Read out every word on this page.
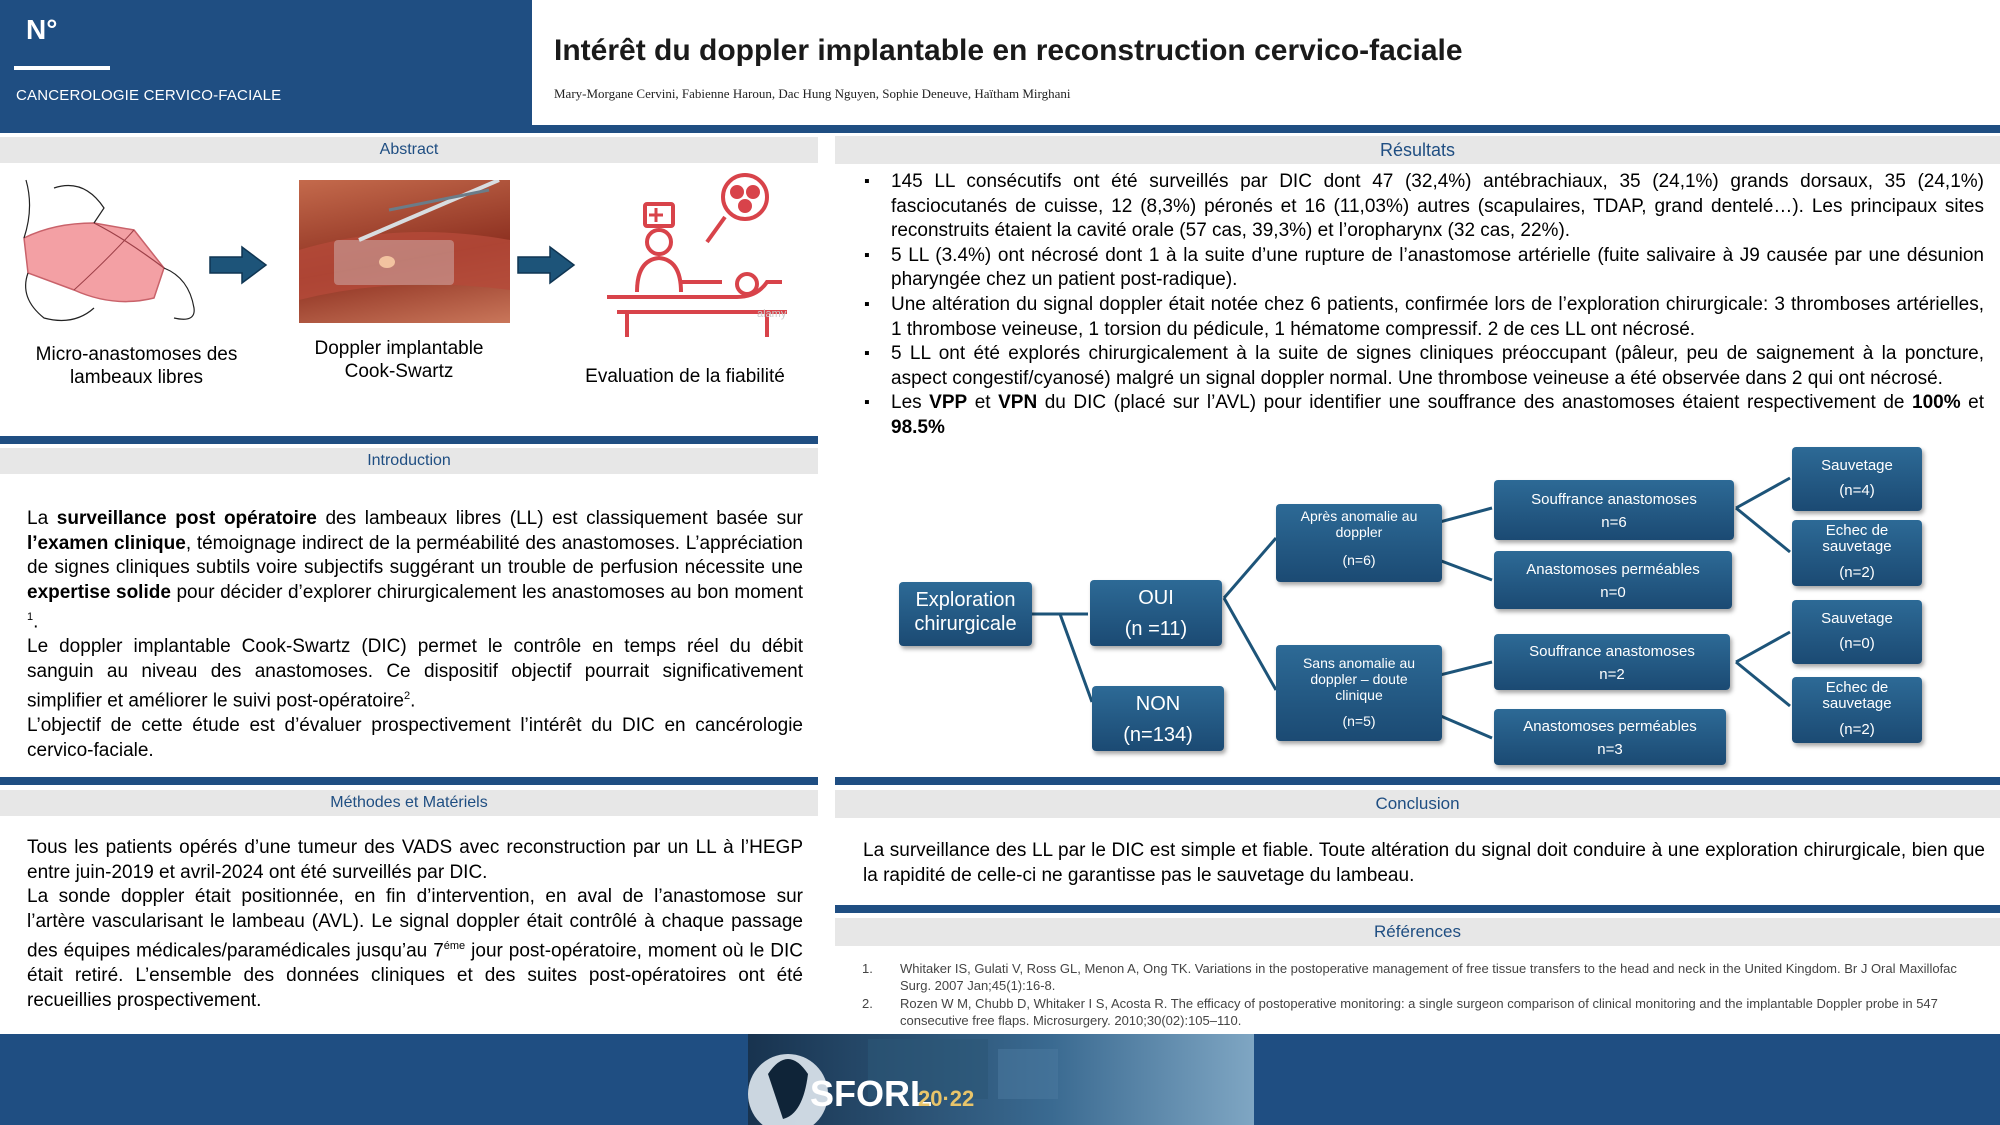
N°
CANCEROLOGIE CERVICO-FACIALE
Intérêt du doppler implantable en reconstruction cervico-faciale
Mary-Morgane Cervini, Fabienne Haroun, Dac Hung Nguyen, Sophie Deneuve, Haïtham Mirghani
Abstract
alamy
Micro-anastomoses des lambeaux libres
Doppler implantable Cook-Swartz	Evaluation de la fiabilité
Introduction

La surveillance post opératoire des lambeaux libres (LL) est classiquement basée sur l’examen clinique, témoignage indirect de la perméabilité des anastomoses. L’appréciation de signes cliniques subtils voire subjectifs suggérant un trouble de perfusion nécessite une expertise solide pour décider d’explorer chirurgicalement les anastomoses au bon moment $^1$.

Le doppler implantable Cook-Swartz (DIC) permet le contrôle en temps réel du débit sanguin au niveau des anastomoses. Ce dispositif objectif pourrait significativement simplifier et améliorer le suivi post-opératoire$^2$.

L’objectif de cette étude est d’évaluer prospectivement l’intérêt du DIC en cancérologie cervico-faciale.

Méthodes et Matériels

Tous les patients opérés d’une tumeur des VADS avec reconstruction par un LL à l’HEGP entre juin-2019 et avril-2024 ont été surveillés par DIC.

La sonde doppler était positionnée, en fin d’intervention, en aval de l’anastomose sur l’artère vascularisant le lambeau (AVL). Le signal doppler était contrôlé à chaque passage des équipes médicales/paramédicales jusqu’au $7^{éme}$ jour post-opératoire, moment où le DIC était retiré. L’ensemble des données cliniques et des suites post-opératoires ont été recueillies prospectivement.

Résultats
▪ 145 LL consécutifs ont été surveillés par DIC dont 47 (32,4%) antébrachiaux, 35 (24,1%) grands dorsaux, 35 (24,1%) fasciocutanés de cuisse, 12 (8,3%) péronés et 16 (11,03%) autres (scapulaires, TDAP, grand dentelé…). Les principaux sites reconstruits étaient la cavité orale (57 cas, 39,3%) et l’oropharynx (32 cas, 22%).
▪ 5 LL (3.4%) ont nécrosé dont 1 à la suite d’une rupture de l’anastomose artérielle (fuite salivaire à J9 causée par une désunion pharyngée chez un patient post-radique).
▪ Une altération du signal doppler était notée chez 6 patients, confirmée lors de l’exploration chirurgicale: 3 thromboses artérielles, 1 thrombose veineuse, 1 torsion du pédicule, 1 hématome compressif. 2 de ces LL ont nécrosé.
▪ 5 LL ont été explorés chirurgicalement à la suite de signes cliniques préoccupant (pâleur, peu de saignement à la poncture, aspect congestif/cyanosé) malgré un signal doppler normal. Une thrombose veineuse a été observée dans 2 qui ont nécrosé.
▪ Les VPP et VPN du DIC (placé sur l’AVL) pour identifier une souffrance des anastomoses étaient respectivement de 100% et 98.5%
Exploration
chirurgicale
OUI
(n =11)
NON
(n=134)
Après anomalie au
doppler
(n=6)
Sans anomalie au
doppler – doute
clinique
(n=5)
Souffrance anastomoses
n=6
Anastomoses perméables
n=0
Souffrance anastomoses
n=2
Anastomoses perméables
n=3
Sauvetage
(n=4)
Echec de
sauvetage
(n=2)
Sauvetage
(n=0)
Echec de
sauvetage
(n=2)
Conclusion
La surveillance des LL par le DIC est simple et fiable. Toute altération du signal doit conduire à une exploration chirurgicale, bien que la rapidité de celle-ci ne garantisse pas le sauvetage du lambeau.
Références
1. Whitaker IS, Gulati V, Ross GL, Menon A, Ong TK. Variations in the postoperative management of free tissue transfers to the head and neck in the United Kingdom. Br J Oral Maxillofac Surg. 2007 Jan;45(1):16-8.
2. Rozen W M, Chubb D, Whitaker I S, Acosta R. The efficacy of postoperative monitoring: a single surgeon comparison of clinical monitoring and the implantable Doppler probe in 547 consecutive free flaps. Microsurgery. 2010;30(02):105–110.
SFORL
20·22
